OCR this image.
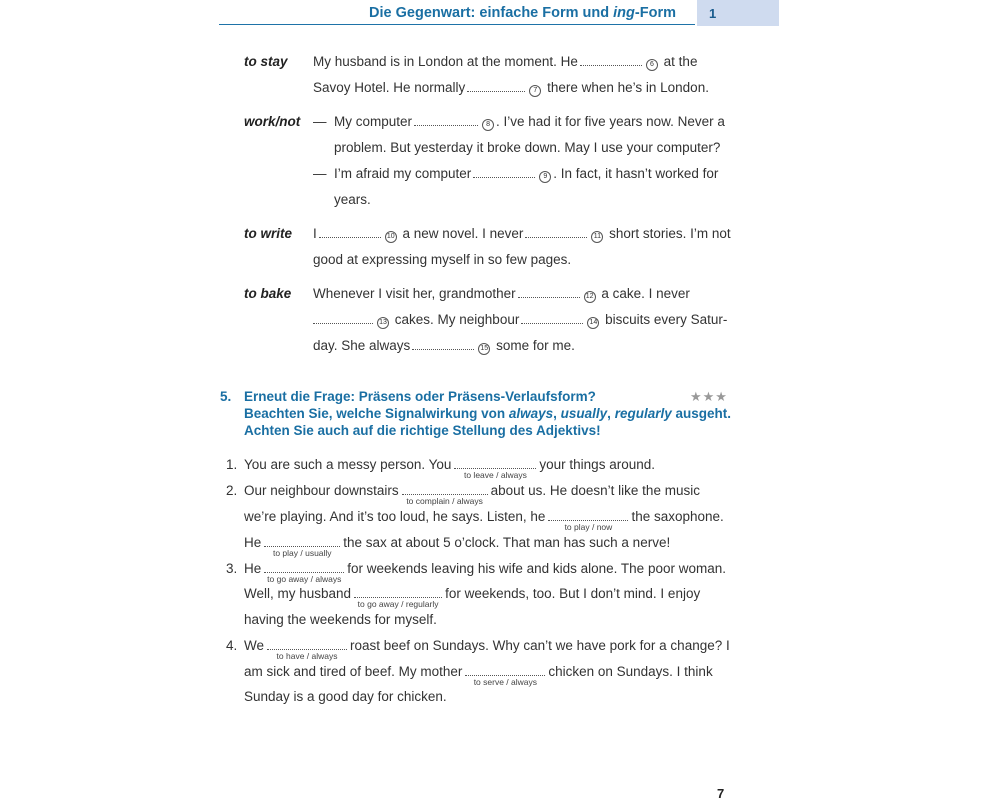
Die Gegenwart: einfache Form und ing-Form	1
to stay My husband is in London at the moment. He	6 at the
Savoy Hotel. He normally	7 there when he’s in London.
work/not — My computer	8 . I’ve had it for five years now. Never a
problem. But yesterday it broke down. May I use your computer?
— I’m afraid my computer	9 . In fact, it hasn’t worked for
years.
to write I	10 a new novel. I never	11 short stories. I’m not
good at expressing myself in so few pages.
to bake Whenever I visit her, grandmother	12 a cake. I never
13 cakes. My neighbour	14 biscuits every Satur-
day. She always	15 some for me.
5. Erneut die Frage: Präsens oder Präsens-Verlaufsform?	★★★
Beachten Sie, welche Signalwirkung von always, usually, regularly ausgeht.
Achten Sie auch auf die richtige Stellung des Adjektivs!
1. You are such a messy person. You
to leave / always
your things around.
2. Our neighbour downstairs
to complain / always
about us. He doesn’t like the music
we’re playing. And it’s too loud, he says. Listen, he
to play / now
the saxophone.
He
to play / usually
the sax at about 5 o’clock. That man has such a nerve!
3. He
to go away / always
for weekends leaving his wife and kids alone. The poor woman.
Well, my husband
to go away / regularly
for weekends, too. But I don’t mind. I enjoy
having the weekends for myself.
4. We
to have / always
roast beef on Sundays. Why can’t we have pork for a change? I
am sick and tired of beef. My mother
to serve / always
chicken on Sundays. I think
Sunday is a good day for chicken.
7
